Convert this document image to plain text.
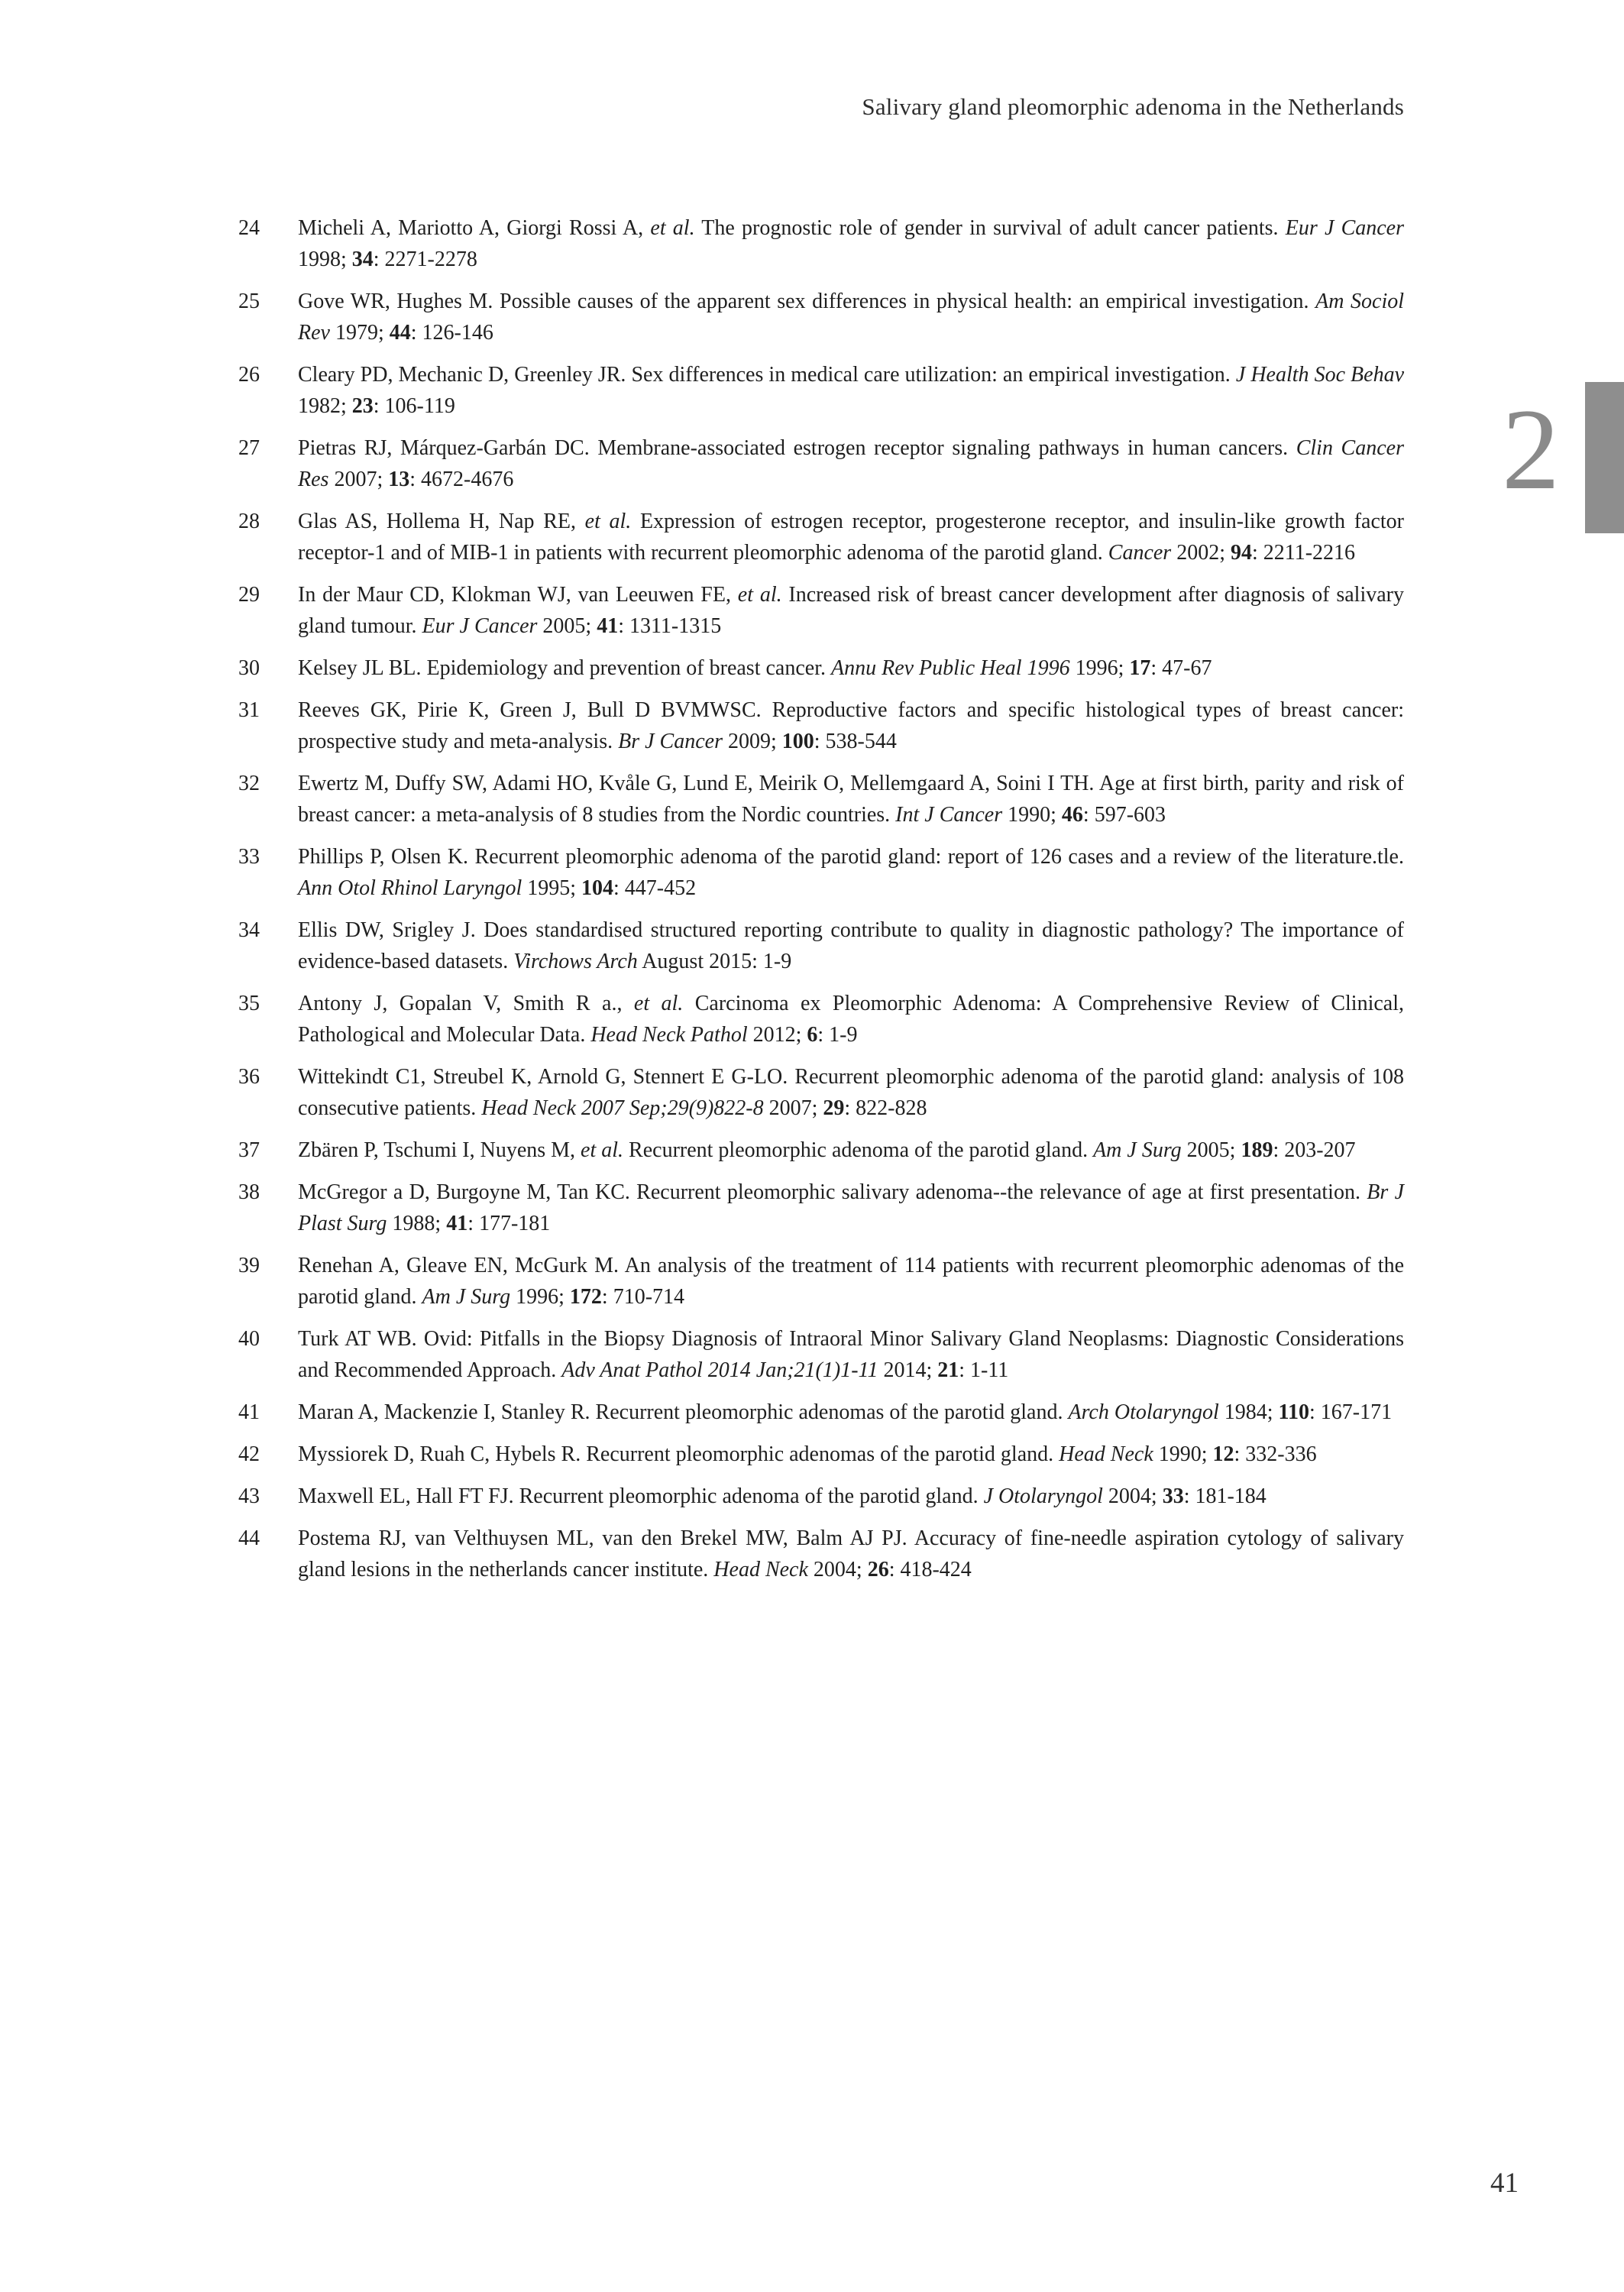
Salivary gland pleomorphic adenoma in the Netherlands
2
24	Micheli A, Mariotto A, Giorgi Rossi A, et al. The prognostic role of gender in survival of adult cancer patients. Eur J Cancer 1998; 34: 2271-2278
25	Gove WR, Hughes M. Possible causes of the apparent sex differences in physical health: an empirical investigation. Am Sociol Rev 1979; 44: 126-146
26	Cleary PD, Mechanic D, Greenley JR. Sex differences in medical care utilization: an empirical investigation. J Health Soc Behav 1982; 23: 106-119
27	Pietras RJ, Márquez-Garbán DC. Membrane-associated estrogen receptor signaling pathways in human cancers. Clin Cancer Res 2007; 13: 4672-4676
28	Glas AS, Hollema H, Nap RE, et al. Expression of estrogen receptor, progesterone receptor, and insulin-like growth factor receptor-1 and of MIB-1 in patients with recurrent pleomorphic adenoma of the parotid gland. Cancer 2002; 94: 2211-2216
29	In der Maur CD, Klokman WJ, van Leeuwen FE, et al. Increased risk of breast cancer development after diagnosis of salivary gland tumour. Eur J Cancer 2005; 41: 1311-1315
30	Kelsey JL BL. Epidemiology and prevention of breast cancer. Annu Rev Public Heal 1996 1996; 17: 47-67
31	Reeves GK, Pirie K, Green J, Bull D BVMWSC. Reproductive factors and specific histological types of breast cancer: prospective study and meta-analysis. Br J Cancer 2009; 100: 538-544
32	Ewertz M, Duffy SW, Adami HO, Kvåle G, Lund E, Meirik O, Mellemgaard A, Soini I TH. Age at first birth, parity and risk of breast cancer: a meta-analysis of 8 studies from the Nordic countries. Int J Cancer 1990; 46: 597-603
33	Phillips P, Olsen K. Recurrent pleomorphic adenoma of the parotid gland: report of 126 cases and a review of the literature.tle. Ann Otol Rhinol Laryngol 1995; 104: 447-452
34	Ellis DW, Srigley J. Does standardised structured reporting contribute to quality in diagnostic pathology? The importance of evidence-based datasets. Virchows Arch August 2015: 1-9
35	Antony J, Gopalan V, Smith R a., et al. Carcinoma ex Pleomorphic Adenoma: A Comprehensive Review of Clinical, Pathological and Molecular Data. Head Neck Pathol 2012; 6: 1-9
36	Wittekindt C1, Streubel K, Arnold G, Stennert E G-LO. Recurrent pleomorphic adenoma of the parotid gland: analysis of 108 consecutive patients. Head Neck 2007 Sep;29(9)822-8 2007; 29: 822-828
37	Zbären P, Tschumi I, Nuyens M, et al. Recurrent pleomorphic adenoma of the parotid gland. Am J Surg 2005; 189: 203-207
38	McGregor a D, Burgoyne M, Tan KC. Recurrent pleomorphic salivary adenoma--the relevance of age at first presentation. Br J Plast Surg 1988; 41: 177-181
39	Renehan A, Gleave EN, McGurk M. An analysis of the treatment of 114 patients with recurrent pleomorphic adenomas of the parotid gland. Am J Surg 1996; 172: 710-714
40	Turk AT WB. Ovid: Pitfalls in the Biopsy Diagnosis of Intraoral Minor Salivary Gland Neoplasms: Diagnostic Considerations and Recommended Approach. Adv Anat Pathol 2014 Jan;21(1)1-11 2014; 21: 1-11
41	Maran A, Mackenzie I, Stanley R. Recurrent pleomorphic adenomas of the parotid gland. Arch Otolaryngol 1984; 110: 167-171
42	Myssiorek D, Ruah C, Hybels R. Recurrent pleomorphic adenomas of the parotid gland. Head Neck 1990; 12: 332-336
43	Maxwell EL, Hall FT FJ. Recurrent pleomorphic adenoma of the parotid gland. J Otolaryngol 2004; 33: 181-184
44	Postema RJ, van Velthuysen ML, van den Brekel MW, Balm AJ PJ. Accuracy of fine-needle aspiration cytology of salivary gland lesions in the netherlands cancer institute. Head Neck 2004; 26: 418-424
41
